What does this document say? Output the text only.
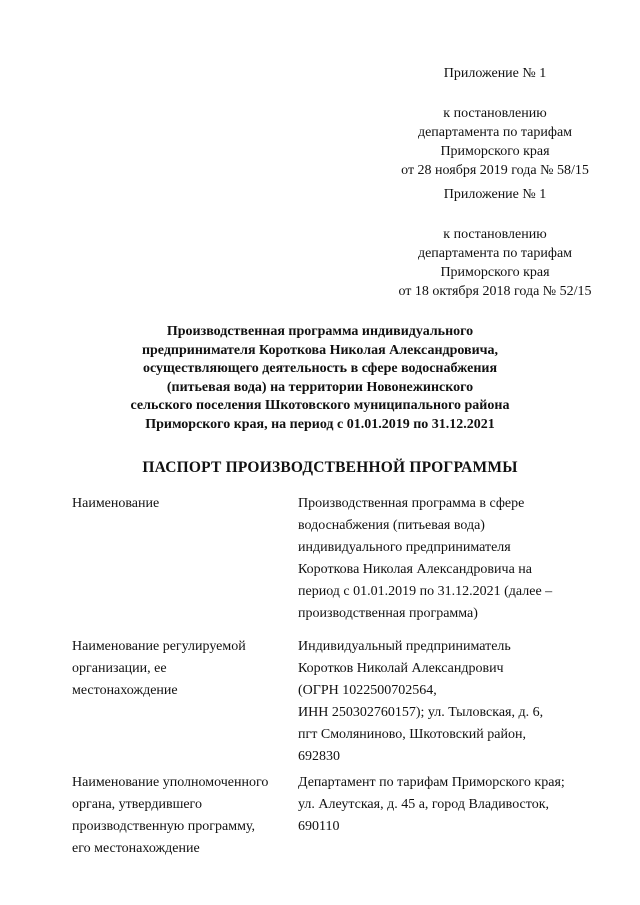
Приложение № 1
к постановлению
департамента по тарифам
Приморского края
от 28 ноября 2019 года № 58/15
Приложение № 1
к постановлению
департамента по тарифам
Приморского края
от 18 октября 2018 года № 52/15
Производственная программа индивидуального
предпринимателя Короткова Николая Александровича,
осуществляющего деятельность в сфере водоснабжения
(питьевая вода) на территории Новонежинского
сельского поселения Шкотовского муниципального района
Приморского края, на период с 01.01.2019 по 31.12.2021
ПАСПОРТ ПРОИЗВОДСТВЕННОЙ ПРОГРАММЫ
Наименование	Производственная программа в сфере
водоснабжения (питьевая вода)
индивидуального предпринимателя
Короткова Николая Александровича на
период с 01.01.2019 по 31.12.2021 (далее –
производственная программа)
Наименование регулируемой
организации, ее
местонахождение
Индивидуальный предприниматель
Коротков Николай Александрович
(ОГРН 1022500702564,
ИНН 250302760157); ул. Тыловская, д. 6,
пгт Смоляниново, Шкотовский район,
692830
Наименование уполномоченного
органа, утвердившего
производственную программу,
его местонахождение
Департамент по тарифам Приморского края;
ул. Алеутская, д. 45 а, город Владивосток,
690110
